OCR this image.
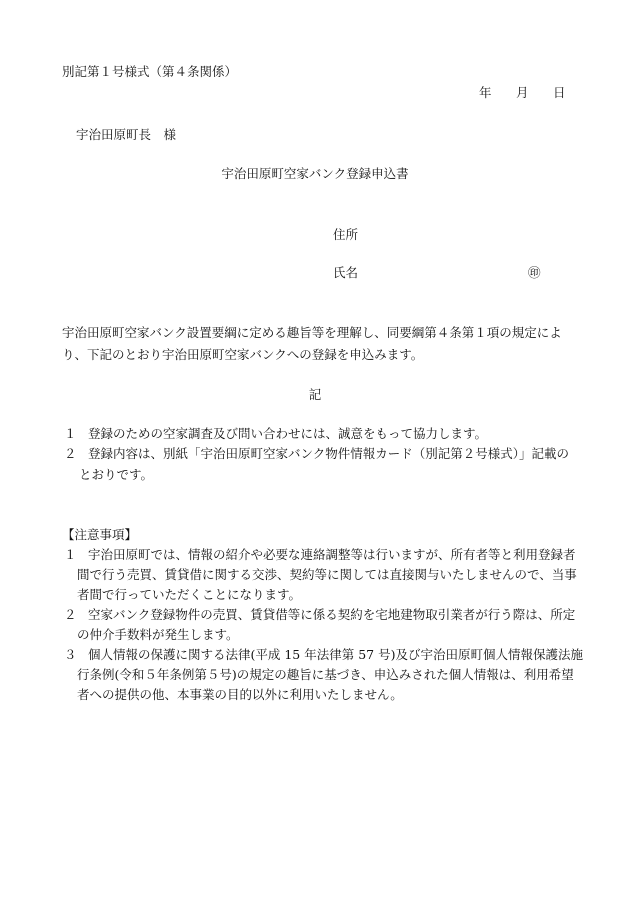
別記第１号様式（第４条関係）
年 月 日
宇治田原町長　様
宇治田原町空家バンク登録申込書
住所
氏名	㊞
宇治田原町空家バンク設置要綱に定める趣旨等を理解し、同要綱第４条第１項の規定によ
り、下記のとおり宇治田原町空家バンクへの登録を申込みます。
記
１ 登録のための空家調査及び問い合わせには、誠意をもって協力します。
２ 登録内容は、別紙「宇治田原町空家バンク物件情報カード（別記第２号様式）」記載の
とおりです。
【注意事項】
１ 宇治田原町では、情報の紹介や必要な連絡調整等は行いますが、所有者等と利用登録者
間で行う売買、賃貸借に関する交渉、契約等に関しては直接関与いたしませんので、当事
者間で行っていただくことになります。
２ 空家バンク登録物件の売買、賃貸借等に係る契約を宅地建物取引業者が行う際は、所定
の仲介手数料が発生します。
３ 個人情報の保護に関する法律(平成 15 年法律第 57 号)及び宇治田原町個人情報保護法施
行条例(令和５年条例第５号)の規定の趣旨に基づき、申込みされた個人情報は、利用希望
者への提供の他、本事業の目的以外に利用いたしません。
